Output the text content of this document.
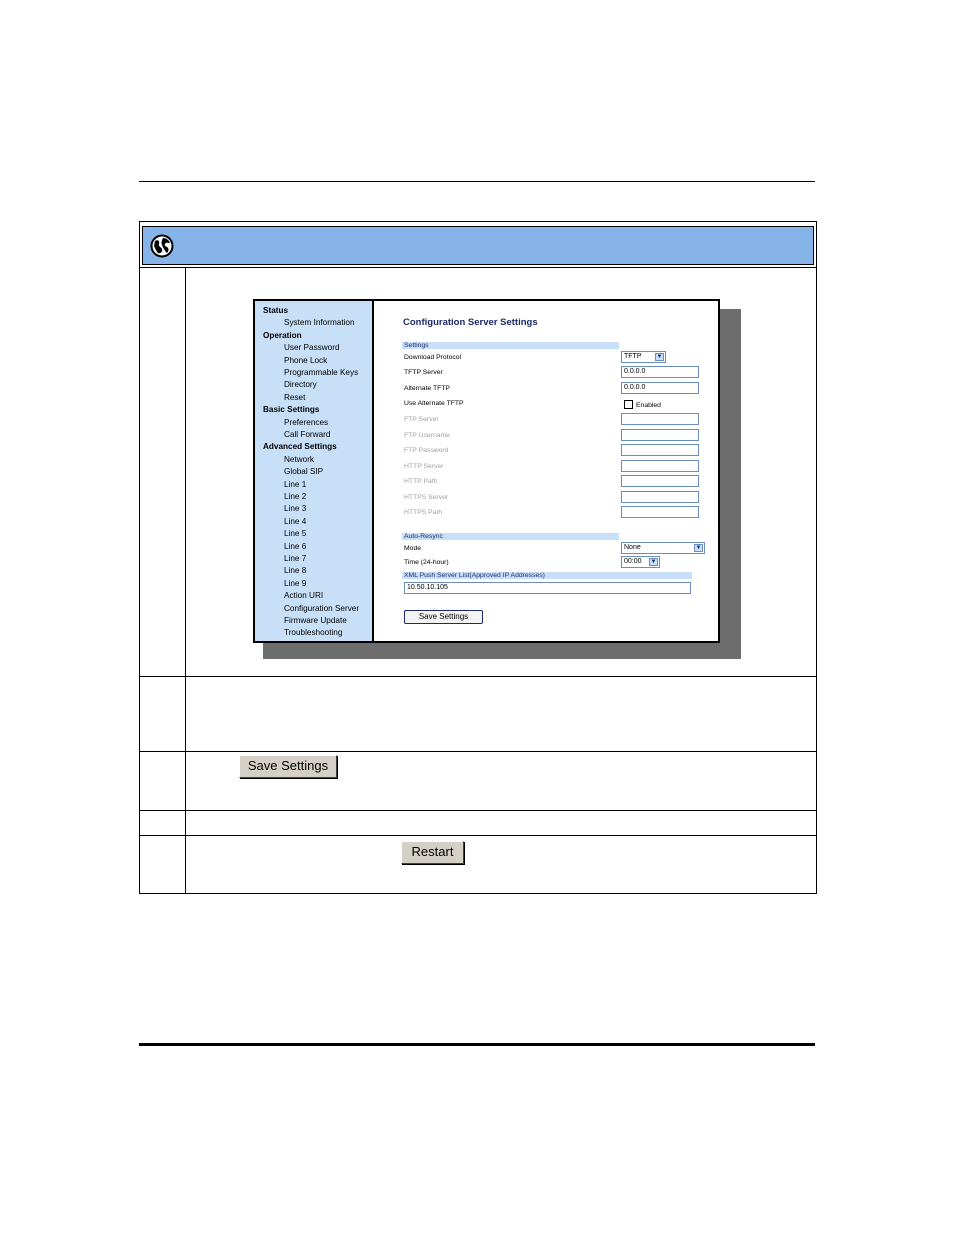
Status
System Information
Operation
User Password
Phone Lock
Programmable Keys
Directory
Reset
Basic Settings
Preferences
Call Forward
Advanced Settings
Network
Global SIP
Line 1
Line 2
Line 3
Line 4
Line 5
Line 6
Line 7
Line 8
Line 9
Action URI
Configuration Server
Firmware Update
Troubleshooting
Configuration Server Settings
Settings
Download Protocol	TFTP	▼
TFTP Server	0.0.0.0
Alternate TFTP	0.0.0.0
Use Alternate TFTP	Enabled
FTP Server
FTP Username
FTP Password
HTTP Server
HTTP Path
HTTPS Server
HTTPS Path
Auto-Resync
Mode	None	▼
Time (24-hour)	00:00 ▼
XML Push Server List(Approved IP Addresses)
10.50.10.105
Save Settings
Save Settings
Restart
